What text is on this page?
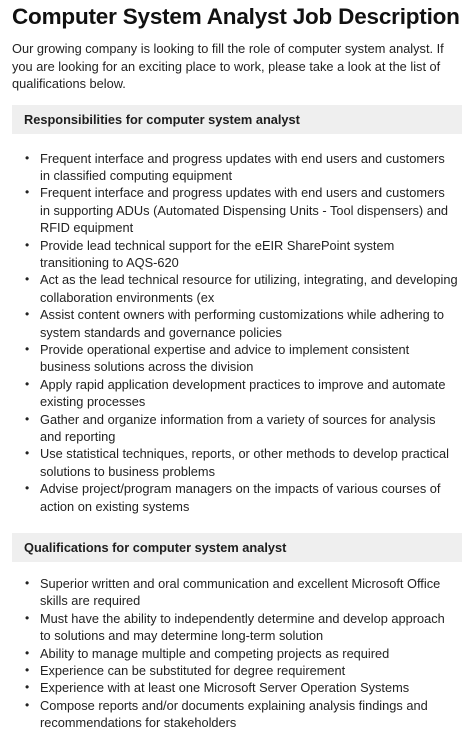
Computer System Analyst Job Description

Our growing company is looking to fill the role of computer system analyst. If you are looking for an exciting place to work, please take a look at the list of qualifications below.

Responsibilities for computer system analyst
• Frequent interface and progress updates with end users and customers in classified computing equipment
• Frequent interface and progress updates with end users and customers in supporting ADUs (Automated Dispensing Units - Tool dispensers) and RFID equipment
• Provide lead technical support for the eEIR SharePoint system transitioning to AQS-620
• Act as the lead technical resource for utilizing, integrating, and developing collaboration environments (ex
• Assist content owners with performing customizations while adhering to system standards and governance policies
• Provide operational expertise and advice to implement consistent business solutions across the division
• Apply rapid application development practices to improve and automate existing processes
• Gather and organize information from a variety of sources for analysis and reporting
• Use statistical techniques, reports, or other methods to develop practical solutions to business problems
• Advise project/program managers on the impacts of various courses of action on existing systems
Qualifications for computer system analyst
• Superior written and oral communication and excellent Microsoft Office skills are required
• Must have the ability to independently determine and develop approach to solutions and may determine long-term solution
• Ability to manage multiple and competing projects as required
• Experience can be substituted for degree requirement
• Experience with at least one Microsoft Server Operation Systems
• Compose reports and/or documents explaining analysis findings and recommendations for stakeholders
